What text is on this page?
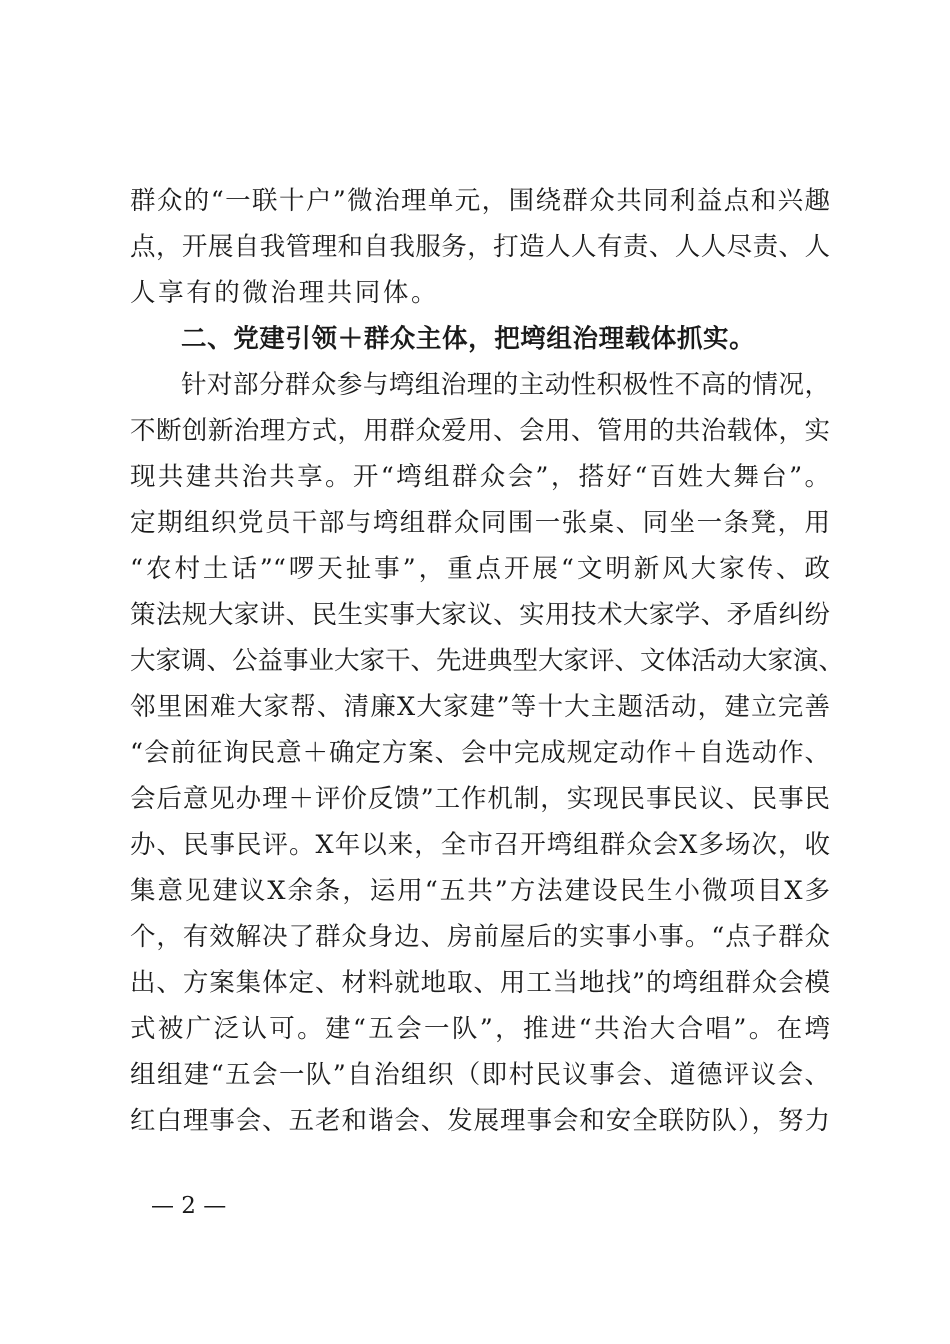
群众的“一联十户”微治理单元，围绕群众共同利益点和兴趣
点，开展自我管理和自我服务，打造人人有责、人人尽责、人
人享有的微治理共同体。
二、党建引领＋群众主体，把塆组治理载体抓实。
针对部分群众参与塆组治理的主动性积极性不高的情况，
不断创新治理方式，用群众爱用、会用、管用的共治载体，实
现共建共治共享。开“塆组群众会”，搭好“百姓大舞台”。
定期组织党员干部与塆组群众同围一张桌、同坐一条凳，用
“农村土话”“啰天扯事”，重点开展“文明新风大家传、政
策法规大家讲、民生实事大家议、实用技术大家学、矛盾纠纷
大家调、公益事业大家干、先进典型大家评、文体活动大家演、
邻里困难大家帮、清廉X大家建”等十大主题活动，建立完善
“会前征询民意＋确定方案、会中完成规定动作＋自选动作、
会后意见办理＋评价反馈”工作机制，实现民事民议、民事民
办、民事民评。X年以来，全市召开塆组群众会X多场次，收
集意见建议X余条，运用“五共”方法建设民生小微项目X多
个，有效解决了群众身边、房前屋后的实事小事。“点子群众
出、方案集体定、材料就地取、用工当地找”的塆组群众会模
式被广泛认可。建“五会一队”，推进“共治大合唱”。在塆
组组建“五会一队”自治组织（即村民议事会、道德评议会、
红白理事会、五老和谐会、发展理事会和安全联防队），努力
— 2 —
